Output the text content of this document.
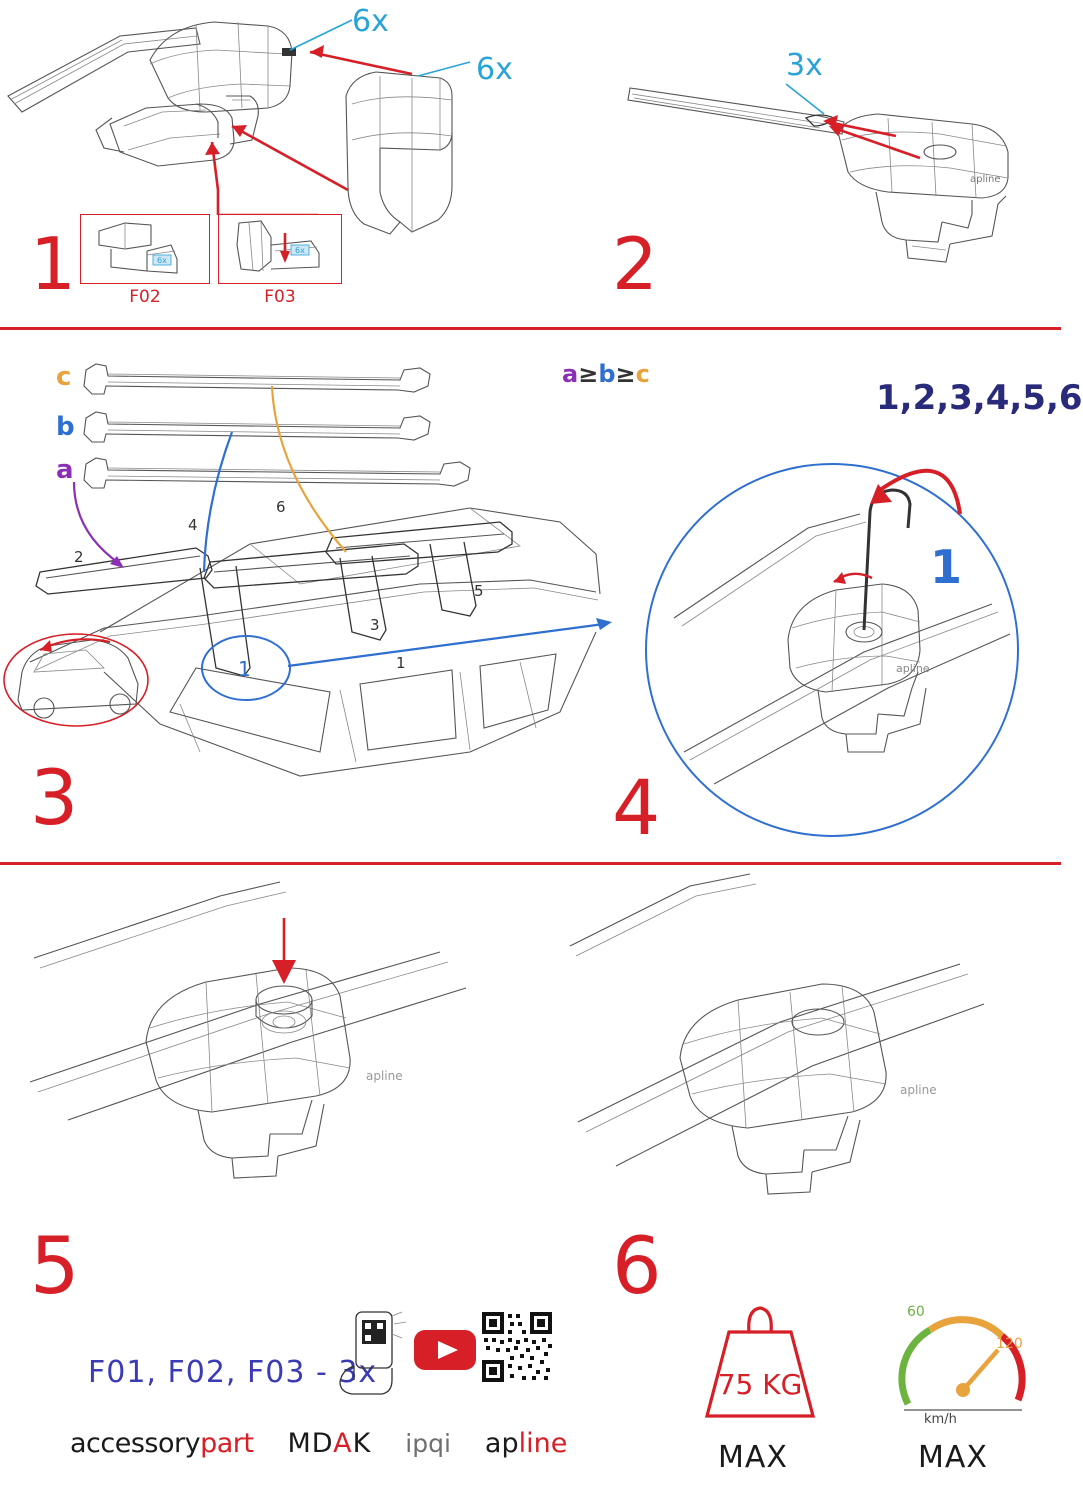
6x
6x
6x
F02
6x
F03
1
apline
3x
2
2
4
6
3
5
1
1
c
b
a
a≥b≥c
3
apline
1,2,3,4,5,6
1
4
apline
apline
5
F01, F02, F03 - 3x
accessorypart MDAK ipqi apline
6
75 KG
MAX
60
120
km/h
MAX
